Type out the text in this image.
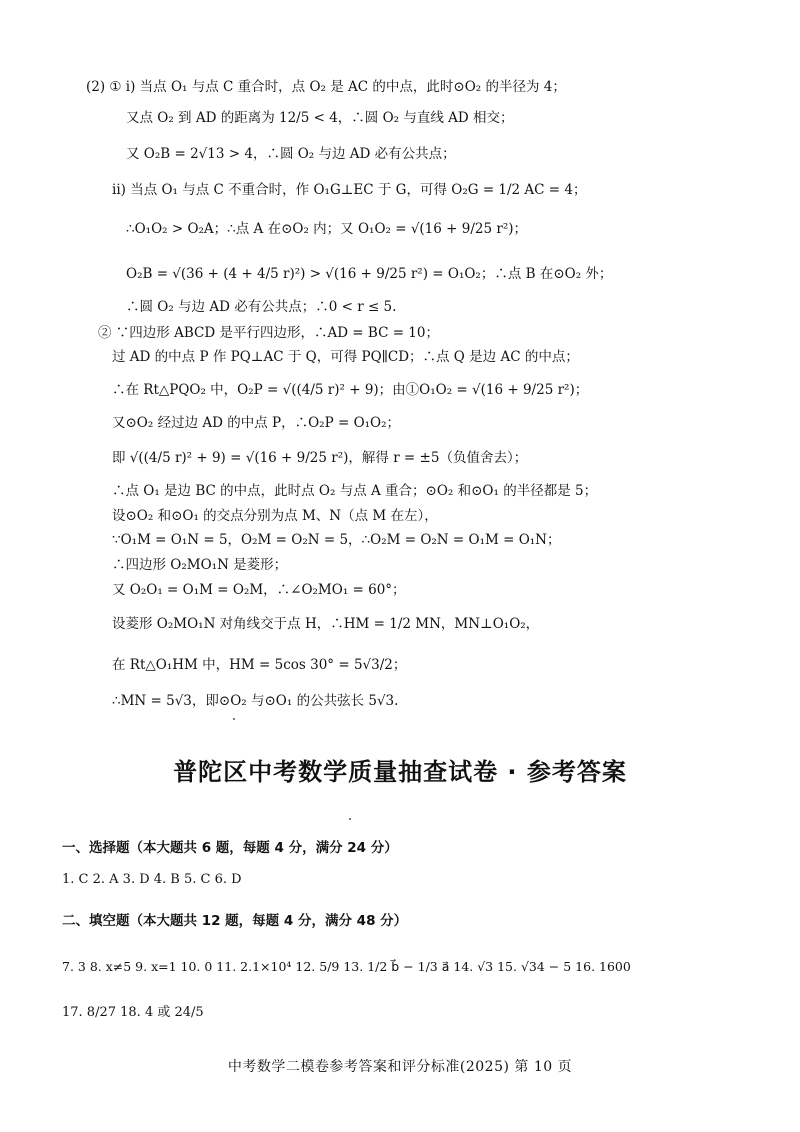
(2) ① i) 当点 O₁ 与点 C 重合时，点 O₂ 是 AC 的中点，此时⊙O₂ 的半径为 4；
又点 O₂ 到 AD 的距离为 12/5 < 4，∴圆 O₂ 与直线 AD 相交；
又 O₂B = 2√13 > 4，∴圆 O₂ 与边 AD 必有公共点；
ii) 当点 O₁ 与点 C 不重合时，作 O₁G⊥EC 于 G，可得 O₂G = 1/2 AC = 4；
∴O₁O₂ > O₂A；∴点 A 在⊙O₂ 内；又 O₁O₂ = √(16 + 9/25 r²)；
O₂B = √(36 + (4 + 4/5 r)²) > √(16 + 9/25 r²) = O₁O₂；∴点 B 在⊙O₂ 外；
∴圆 O₂ 与边 AD 必有公共点；∴0 < r ≤ 5.
② ∵四边形 ABCD 是平行四边形，∴AD = BC = 10；
过 AD 的中点 P 作 PQ⊥AC 于 Q，可得 PQ∥CD；∴点 Q 是边 AC 的中点；
∴在 Rt△PQO₂ 中，O₂P = √((4/5 r)² + 9)；由①O₁O₂ = √(16 + 9/25 r²)；
又⊙O₂ 经过边 AD 的中点 P，∴O₂P = O₁O₂；
即 √((4/5 r)² + 9) = √(16 + 9/25 r²)，解得 r = ±5（负值舍去）；
∴点 O₁ 是边 BC 的中点，此时点 O₂ 与点 A 重合；⊙O₂ 和⊙O₁ 的半径都是 5；
设⊙O₂ 和⊙O₁ 的交点分别为点 M、N（点 M 在左），
∵O₁M = O₁N = 5，O₂M = O₂N = 5，∴O₂M = O₂N = O₁M = O₁N；
∴四边形 O₂MO₁N 是菱形；
又 O₂O₁ = O₁M = O₂M，∴∠O₂MO₁ = 60°；
设菱形 O₂MO₁N 对角线交于点 H，∴HM = 1/2 MN，MN⊥O₁O₂，
在 Rt△O₁HM 中，HM = 5cos 30° = 5√3/2；
∴MN = 5√3，即⊙O₂ 与⊙O₁ 的公共弦长 5√3.
普陀区中考数学质量抽查试卷 · 参考答案
一、选择题（本大题共 6 题，每题 4 分，满分 24 分）
1. C 2. A 3. D 4. B 5. C 6. D
二、填空题（本大题共 12 题，每题 4 分，满分 48 分）
7. 3 8. x≠5 9. x=1 10. 0 11. 2.1×10⁴ 12. 5/9 13. 1/2 b⃗ − 1/3 a⃗ 14. √3 15. √34 − 5 16. 1600
17. 8/27 18. 4 或 24/5
中考数学二模卷参考答案和评分标准(2025) 第 10 页
